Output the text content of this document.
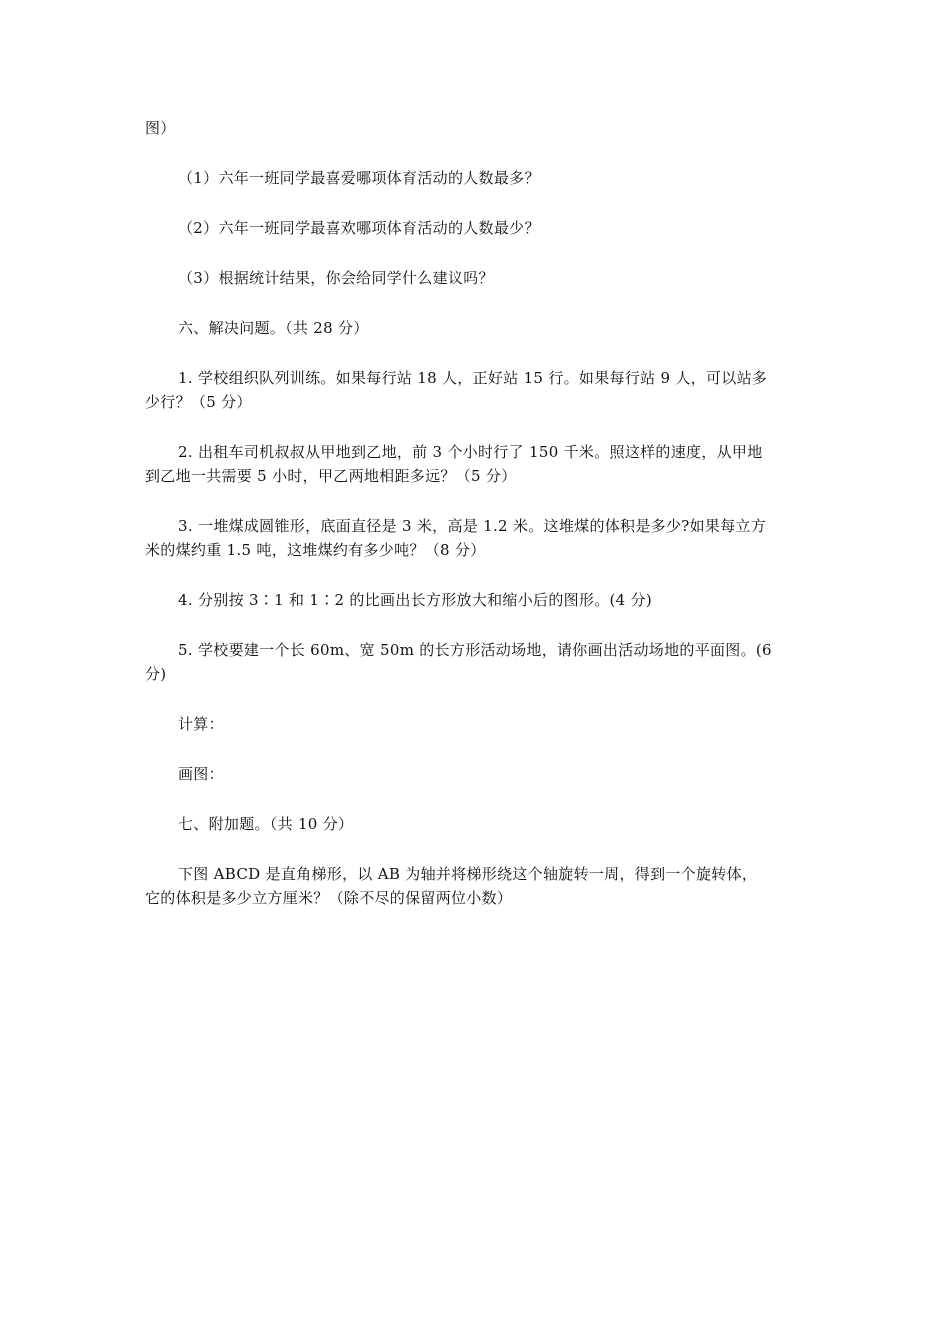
图）
（1）六年一班同学最喜爱哪项体育活动的人数最多？
（2）六年一班同学最喜欢哪项体育活动的人数最少？
（3）根据统计结果，你会给同学什么建议吗？
六、解决问题。（共 28 分）
1. 学校组织队列训练。如果每行站 18 人，正好站 15 行。如果每行站 9 人，可以站多
少行？（5 分）
2. 出租车司机叔叔从甲地到乙地，前 3 个小时行了 150 千米。照这样的速度，从甲地
到乙地一共需要 5 小时，甲乙两地相距多远？（5 分）
3. 一堆煤成圆锥形，底面直径是 3 米，高是 1.2 米。这堆煤的体积是多少?如果每立方
米的煤约重 1.5 吨，这堆煤约有多少吨？（8 分）
4. 分别按 3∶1 和 1∶2 的比画出长方形放大和缩小后的图形。(4 分)
5. 学校要建一个长 60m、宽 50m 的长方形活动场地，请你画出活动场地的平面图。(6
分)
计算：
画图：
七、附加题。（共 10 分）
下图 ABCD 是直角梯形，以 AB 为轴并将梯形绕这个轴旋转一周，得到一个旋转体，
它的体积是多少立方厘米？（除不尽的保留两位小数）
